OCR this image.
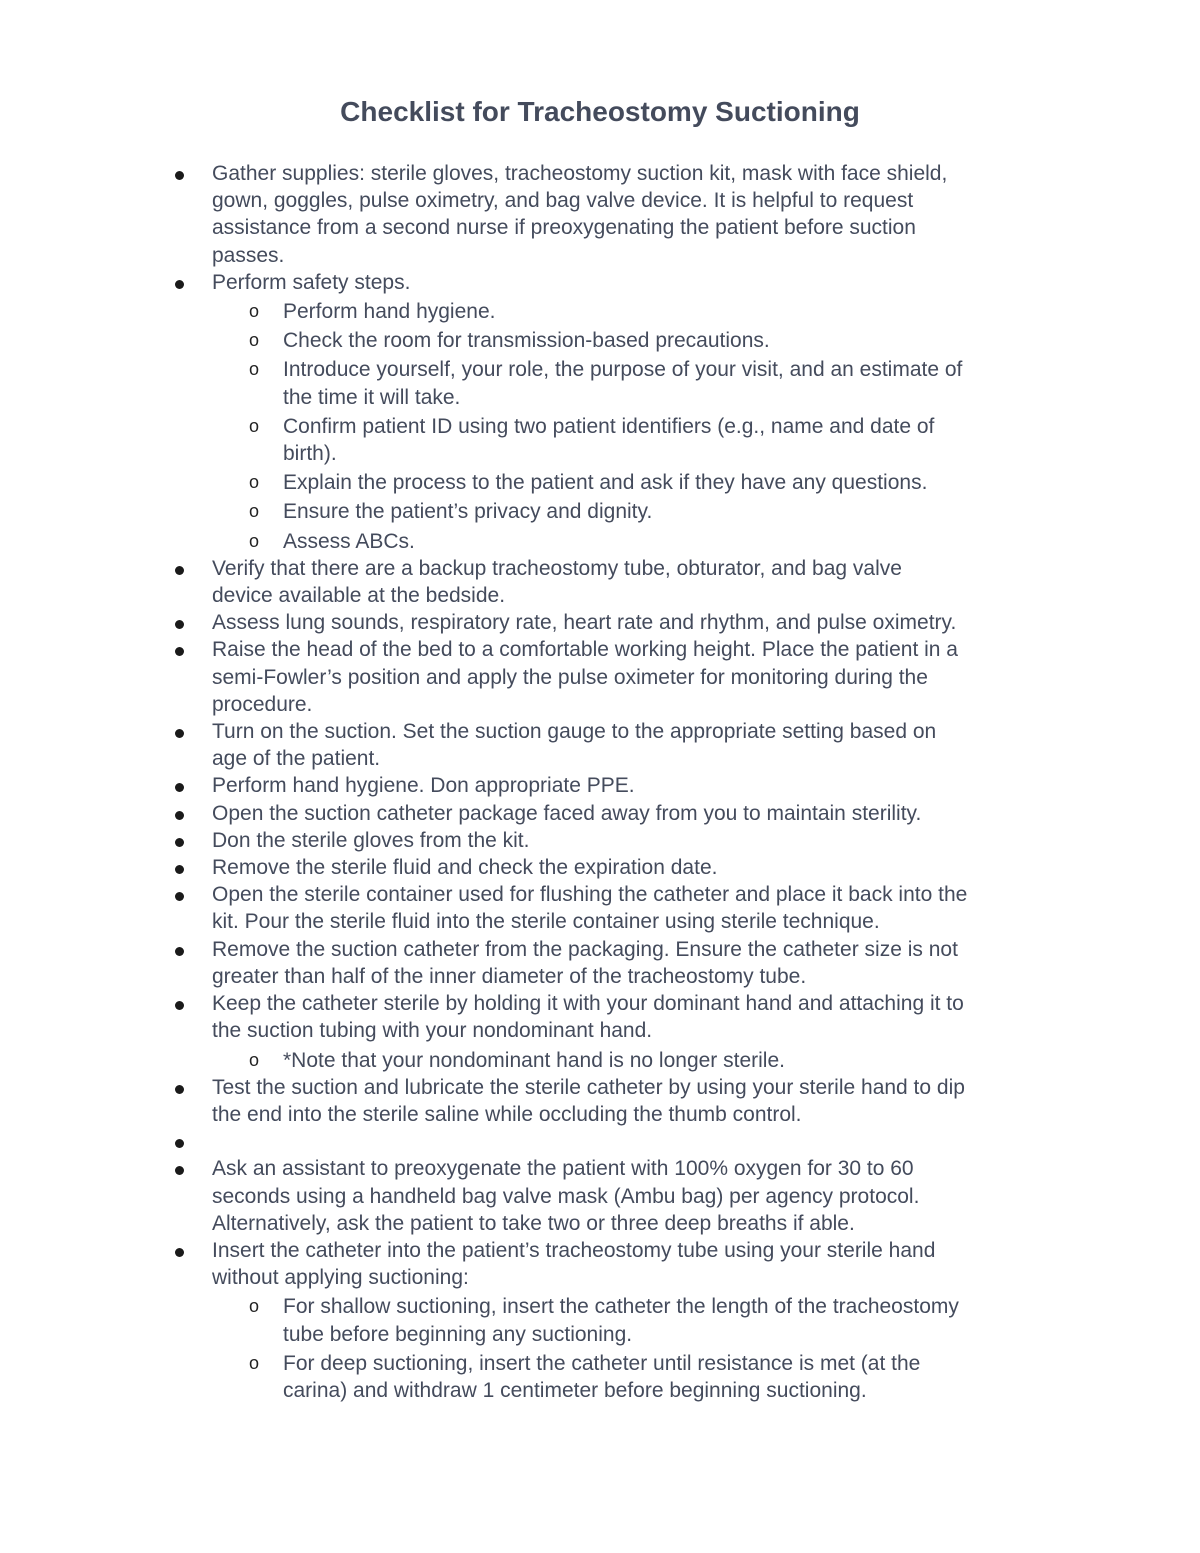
Checklist for Tracheostomy Suctioning
Gather supplies: sterile gloves, tracheostomy suction kit, mask with face shield,
gown, goggles, pulse oximetry, and bag valve device. It is helpful to request
assistance from a second nurse if preoxygenating the patient before suction
passes.
Perform safety steps.
o	Perform hand hygiene.
o	Check the room for transmission-based precautions.
o	Introduce yourself, your role, the purpose of your visit, and an estimate of
the time it will take.
o	Confirm patient ID using two patient identifiers (e.g., name and date of
birth).
o	Explain the process to the patient and ask if they have any questions.
o	Ensure the patient’s privacy and dignity.
o	Assess ABCs.
Verify that there are a backup tracheostomy tube, obturator, and bag valve
device available at the bedside.
Assess lung sounds, respiratory rate, heart rate and rhythm, and pulse oximetry.
Raise the head of the bed to a comfortable working height. Place the patient in a
semi-Fowler’s position and apply the pulse oximeter for monitoring during the
procedure.
Turn on the suction. Set the suction gauge to the appropriate setting based on
age of the patient.
Perform hand hygiene. Don appropriate PPE.
Open the suction catheter package faced away from you to maintain sterility.
Don the sterile gloves from the kit.
Remove the sterile fluid and check the expiration date.
Open the sterile container used for flushing the catheter and place it back into the
kit. Pour the sterile fluid into the sterile container using sterile technique.
Remove the suction catheter from the packaging. Ensure the catheter size is not
greater than half of the inner diameter of the tracheostomy tube.
Keep the catheter sterile by holding it with your dominant hand and attaching it to
the suction tubing with your nondominant hand.
o	*Note that your nondominant hand is no longer sterile.
Test the suction and lubricate the sterile catheter by using your sterile hand to dip
the end into the sterile saline while occluding the thumb control.
Ask an assistant to preoxygenate the patient with 100% oxygen for 30 to 60
seconds using a handheld bag valve mask (Ambu bag) per agency protocol.
Alternatively, ask the patient to take two or three deep breaths if able.
Insert the catheter into the patient’s tracheostomy tube using your sterile hand
without applying suctioning:
o	For shallow suctioning, insert the catheter the length of the tracheostomy
tube before beginning any suctioning.
o	For deep suctioning, insert the catheter until resistance is met (at the
carina) and withdraw 1 centimeter before beginning suctioning.
